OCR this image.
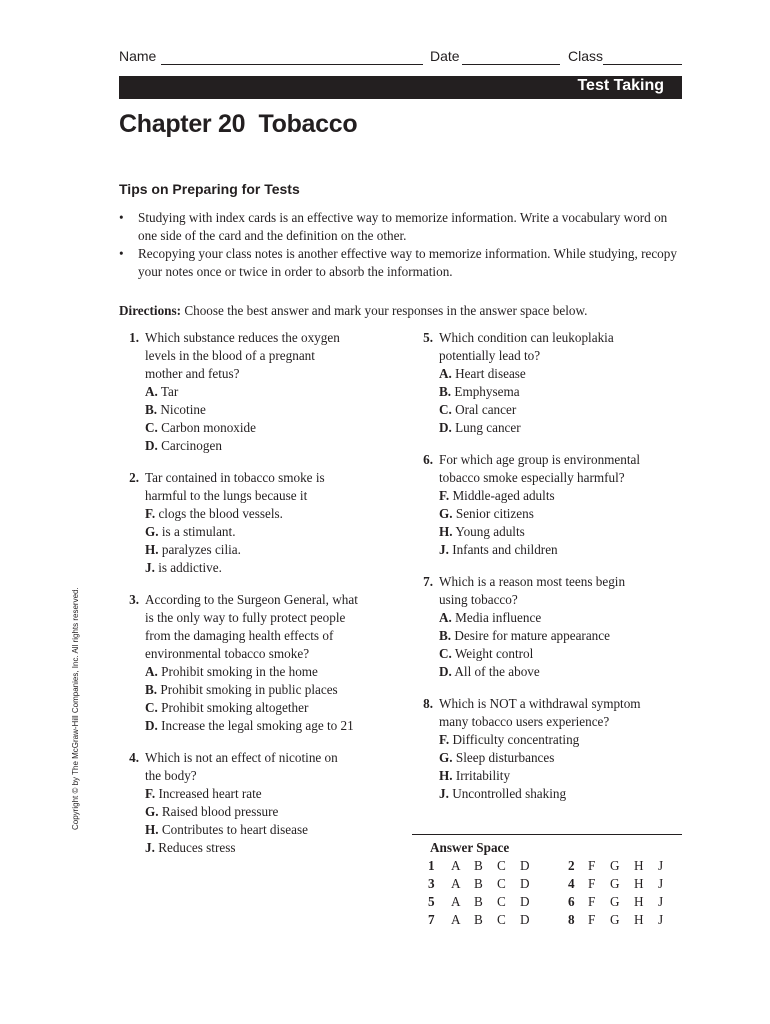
Name	Date	Class
Test Taking
Chapter 20  Tobacco
Tips on Preparing for Tests
• Studying with index cards is an effective way to memorize information. Write a vocabulary word on one side of the card and the definition on the other.
• Recopying your class notes is another effective way to memorize information. While studying, recopy your notes once or twice in order to absorb the information.
Directions: Choose the best answer and mark your responses in the answer space below.
1. Which substance reduces the oxygen
levels in the blood of a pregnant
mother and fetus?
A. Tar
B. Nicotine
C. Carbon monoxide
D. Carcinogen
2. Tar contained in tobacco smoke is
harmful to the lungs because it
F. clogs the blood vessels.
G. is a stimulant.
H. paralyzes cilia.
J. is addictive.
3. According to the Surgeon General, what
is the only way to fully protect people
from the damaging health effects of
environmental tobacco smoke?
A. Prohibit smoking in the home
B. Prohibit smoking in public places
C. Prohibit smoking altogether
D. Increase the legal smoking age to 21
4. Which is not an effect of nicotine on
the body?
F. Increased heart rate
G. Raised blood pressure
H. Contributes to heart disease
J. Reduces stress
5. Which condition can leukoplakia
potentially lead to?
A. Heart disease
B. Emphysema
C. Oral cancer
D. Lung cancer
6. For which age group is environmental
tobacco smoke especially harmful?
F. Middle-aged adults
G. Senior citizens
H. Young adults
J. Infants and children
7. Which is a reason most teens begin
using tobacco?
A. Media influence
B. Desire for mature appearance
C. Weight control
D. All of the above
8. Which is NOT a withdrawal symptom
many tobacco users experience?
F. Difficulty concentrating
G. Sleep disturbances
H. Irritability
J. Uncontrolled shaking
Copyright © by The McGraw-Hill Companies, Inc. All rights reserved.
Answer Space
1 A B C D	2 F G H J
3 A B C D	4 F G H J
5 A B C D	6 F G H J
7 A B C D	8 F G H J
